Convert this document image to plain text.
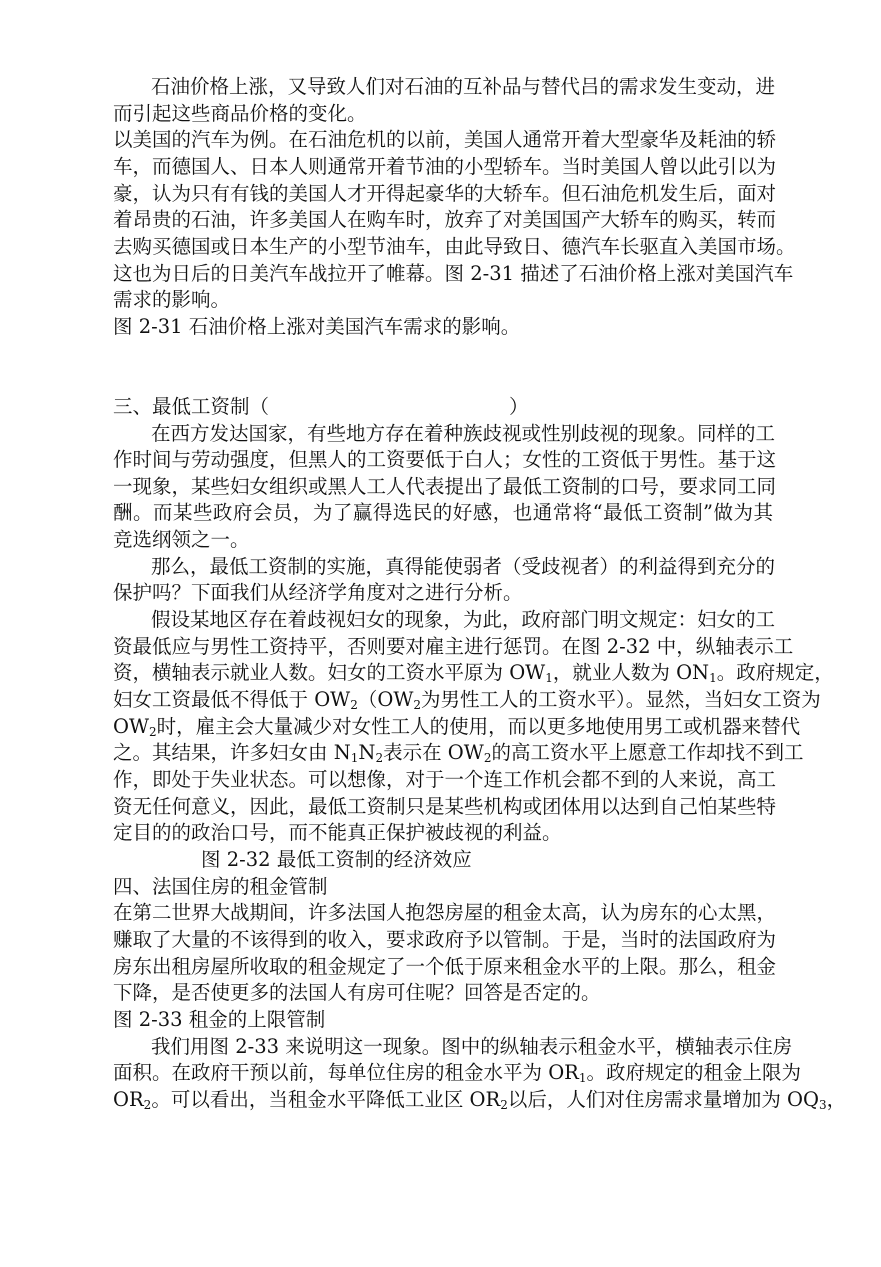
石油价格上涨，又导致人们对石油的互补品与替代吕的需求发生变动，进
而引起这些商品价格的变化。
以美国的汽车为例。在石油危机的以前，美国人通常开着大型豪华及耗油的轿
车，而德国人、日本人则通常开着节油的小型轿车。当时美国人曾以此引以为
豪，认为只有有钱的美国人才开得起豪华的大轿车。但石油危机发生后，面对
着昂贵的石油，许多美国人在购车时，放弃了对美国国产大轿车的购买，转而
去购买德国或日本生产的小型节油车，由此导致日、德汽车长驱直入美国市场。
这也为日后的日美汽车战拉开了帷幕。图 2-31 描述了石油价格上涨对美国汽车
需求的影响。
图 2-31 石油价格上涨对美国汽车需求的影响。
三、最低工资制（	）
在西方发达国家，有些地方存在着种族歧视或性别歧视的现象。同样的工
作时间与劳动强度，但黑人的工资要低于白人；女性的工资低于男性。基于这
一现象，某些妇女组织或黑人工人代表提出了最低工资制的口号，要求同工同
酬。而某些政府会员，为了赢得选民的好感，也通常将“最低工资制”做为其
竞选纲领之一。
那么，最低工资制的实施，真得能使弱者（受歧视者）的利益得到充分的
保护吗？下面我们从经济学角度对之进行分析。
假设某地区存在着歧视妇女的现象，为此，政府部门明文规定：妇女的工
资最低应与男性工资持平，否则要对雇主进行惩罚。在图 2-32 中，纵轴表示工
资，横轴表示就业人数。妇女的工资水平原为 $OW_1$，就业人数为 $ON_1$。政府规定，
妇女工资最低不得低于 $OW_2(OW_2$为男性工人的工资水平）。显然，当妇女工资为
$OW_2$时，雇主会大量减少对女性工人的使用，而以更多地使用男工或机器来替代
之。其结果，许多妇女由 $N_1N_2$表示在 $OW_2$的高工资水平上愿意工作却找不到工
作，即处于失业状态。可以想像，对于一个连工作机会都不到的人来说，高工
资无任何意义，因此，最低工资制只是某些机构或团体用以达到自己怕某些特
定目的的政治口号，而不能真正保护被歧视的利益。
图 2-32 最低工资制的经济效应
四、法国住房的租金管制
在第二世界大战期间，许多法国人抱怨房屋的租金太高，认为房东的心太黑，
赚取了大量的不该得到的收入，要求政府予以管制。于是，当时的法国政府为
房东出租房屋所收取的租金规定了一个低于原来租金水平的上限。那么，租金
下降，是否使更多的法国人有房可住呢？回答是否定的。
图 2-33 租金的上限管制
我们用图 2-33 来说明这一现象。图中的纵轴表示租金水平，横轴表示住房
面积。在政府干预以前，每单位住房的租金水平为 $OR_1$。政府规定的租金上限为
$OR_2$。可以看出，当租金水平降低工业区 $OR_2$以后，人们对住房需求量增加为 $OQ_3$，
